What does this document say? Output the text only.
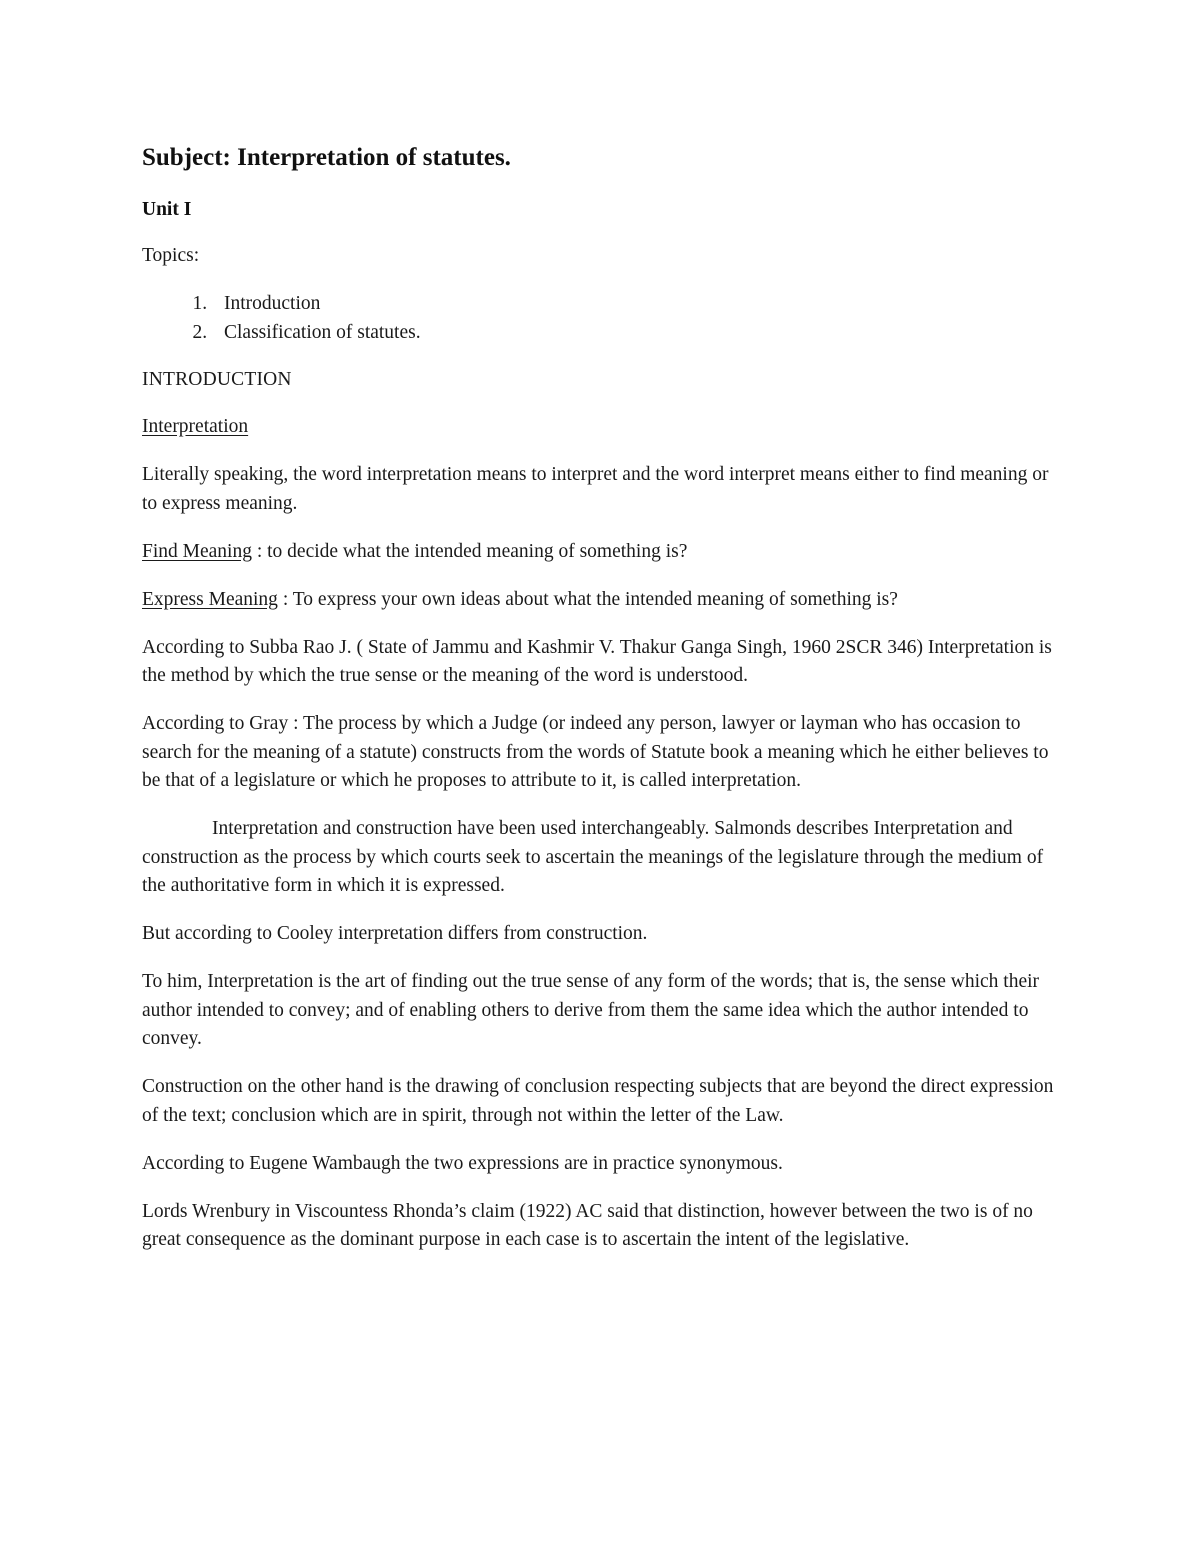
Subject: Interpretation of statutes.
Unit I

Topics:

1. Introduction
2. Classification of statutes.
INTRODUCTION

Interpretation

Literally speaking, the word interpretation means to interpret and the word interpret means either to find meaning or to express meaning.

Find Meaning : to decide what the intended meaning of something is?

Express Meaning : To express your own ideas about what the intended meaning of something is?

According to Subba Rao J. ( State of Jammu and Kashmir V. Thakur Ganga Singh, 1960 2SCR 346) Interpretation is the method by which the true sense or the meaning of the word is understood.

According to Gray : The process by which a Judge (or indeed any person, lawyer or layman who has occasion to search for the meaning of a statute) constructs from the words of Statute book a meaning which he either believes to be that of a legislature or which he proposes to attribute to it, is called interpretation.

Interpretation and construction have been used interchangeably. Salmonds describes Interpretation and construction as the process by which courts seek to ascertain the meanings of the legislature through the medium of the authoritative form in which it is expressed.

But according to Cooley interpretation differs from construction.

To him, Interpretation is the art of finding out the true sense of any form of the words; that is, the sense which their author intended to convey; and of enabling others to derive from them the same idea which the author intended to convey.

Construction on the other hand is the drawing of conclusion respecting subjects that are beyond the direct expression of the text; conclusion which are in spirit, through not within the letter of the Law.

According to Eugene Wambaugh the two expressions are in practice synonymous.

Lords Wrenbury in Viscountess Rhonda’s claim (1922) AC said that distinction, however between the two is of no great consequence as the dominant purpose in each case is to ascertain the intent of the legislative.
